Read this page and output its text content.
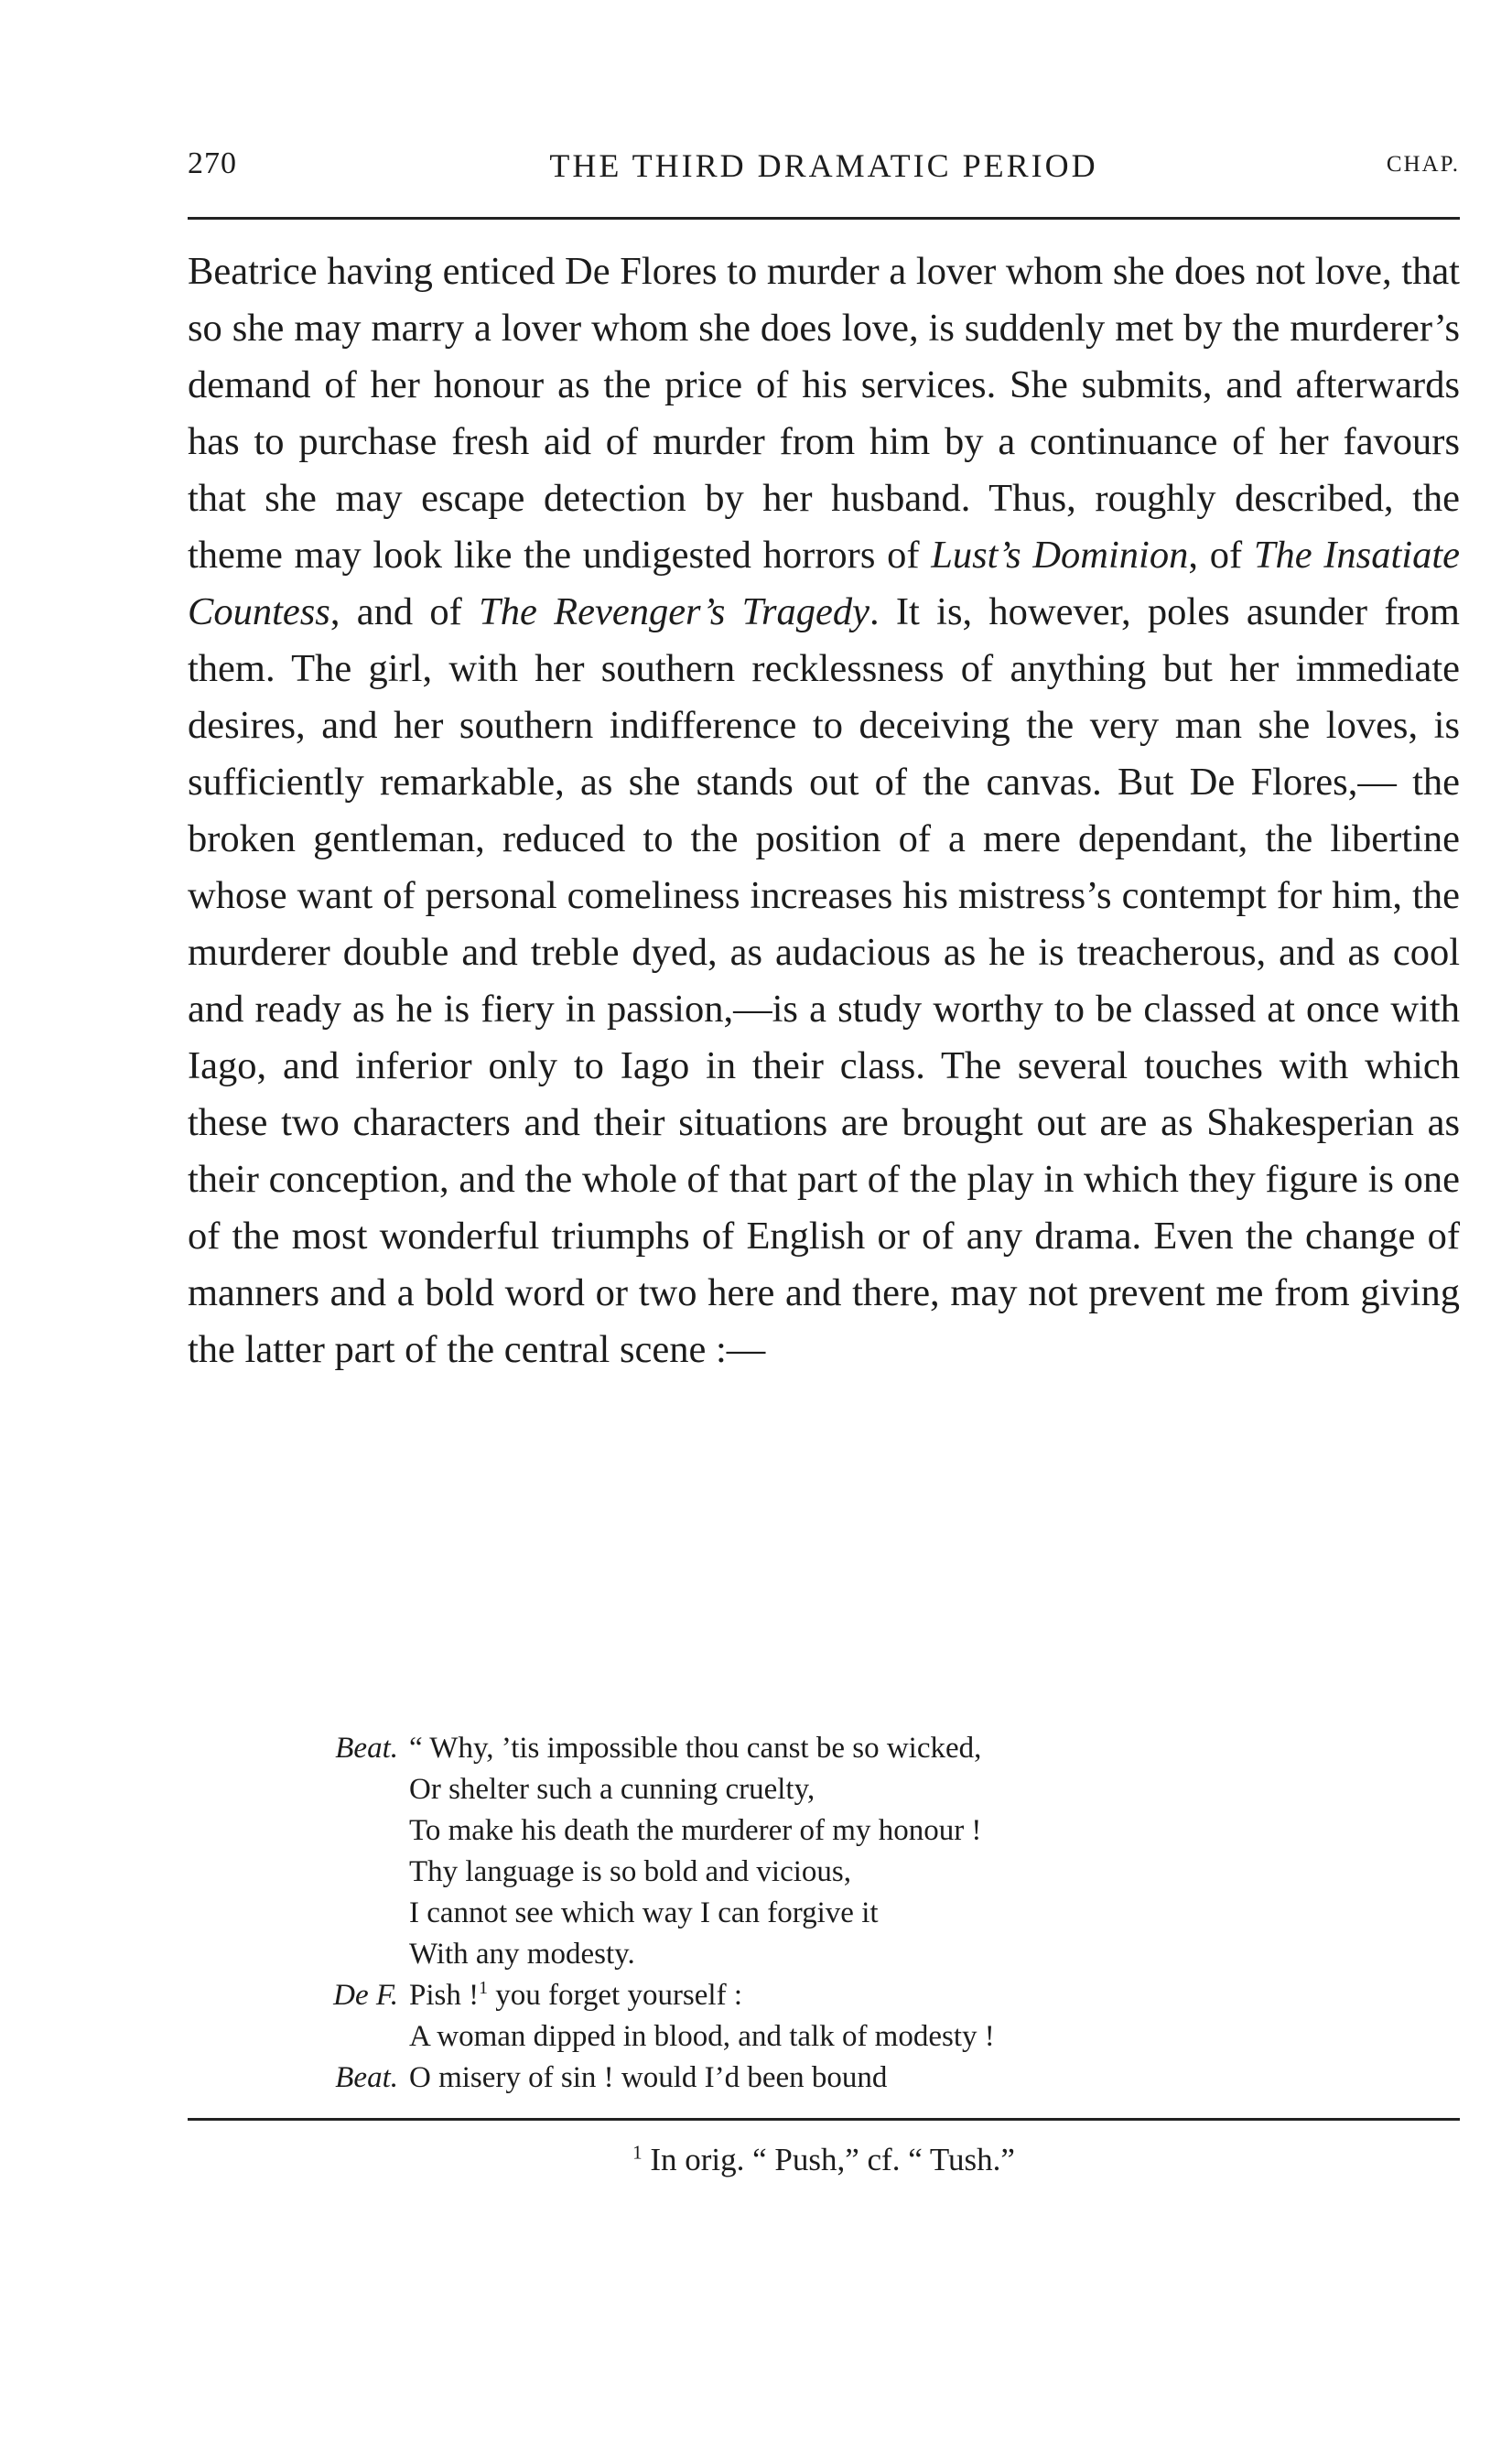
270	THE THIRD DRAMATIC PERIOD	CHAP.

Beatrice having enticed De Flores to murder a lover whom she does not love, that so she may marry a lover whom she does love, is suddenly met by the murderer’s demand of her honour as the price of his services. She submits, and afterwards has to purchase fresh aid of murder from him by a continuance of her favours that she may escape detection by her husband. Thus, roughly described, the theme may look like the undigested horrors of Lust’s Dominion, of The Insatiate Countess, and of The Revenger’s Tragedy. It is, however, poles asunder from them. The girl, with her southern recklessness of anything but her immediate desires, and her southern indifference to deceiving the very man she loves, is sufficiently remarkable, as she stands out of the canvas. But De Flores,— the broken gentleman, reduced to the position of a mere dependant, the libertine whose want of personal comeliness increases his mistress’s contempt for him, the murderer double and treble dyed, as audacious as he is treacherous, and as cool and ready as he is fiery in passion,—is a study worthy to be classed at once with Iago, and inferior only to Iago in their class. The several touches with which these two characters and their situations are brought out are as Shakesperian as their conception, and the whole of that part of the play in which they figure is one of the most wonderful triumphs of English or of any drama. Even the change of manners and a bold word or two here and there, may not prevent me from giving the latter part of the central scene :—

Beat. “ Why, ’tis impossible thou canst be so wicked,
Or shelter such a cunning cruelty,
To make his death the murderer of my honour !
Thy language is so bold and vicious,
I cannot see which way I can forgive it
With any modesty.
De F. Pish !$^1$ you forget yourself :
A woman dipped in blood, and talk of modesty !
Beat. O misery of sin ! would I’d been bound
$^1$ In orig. “ Push,” cf. “ Tush.”
